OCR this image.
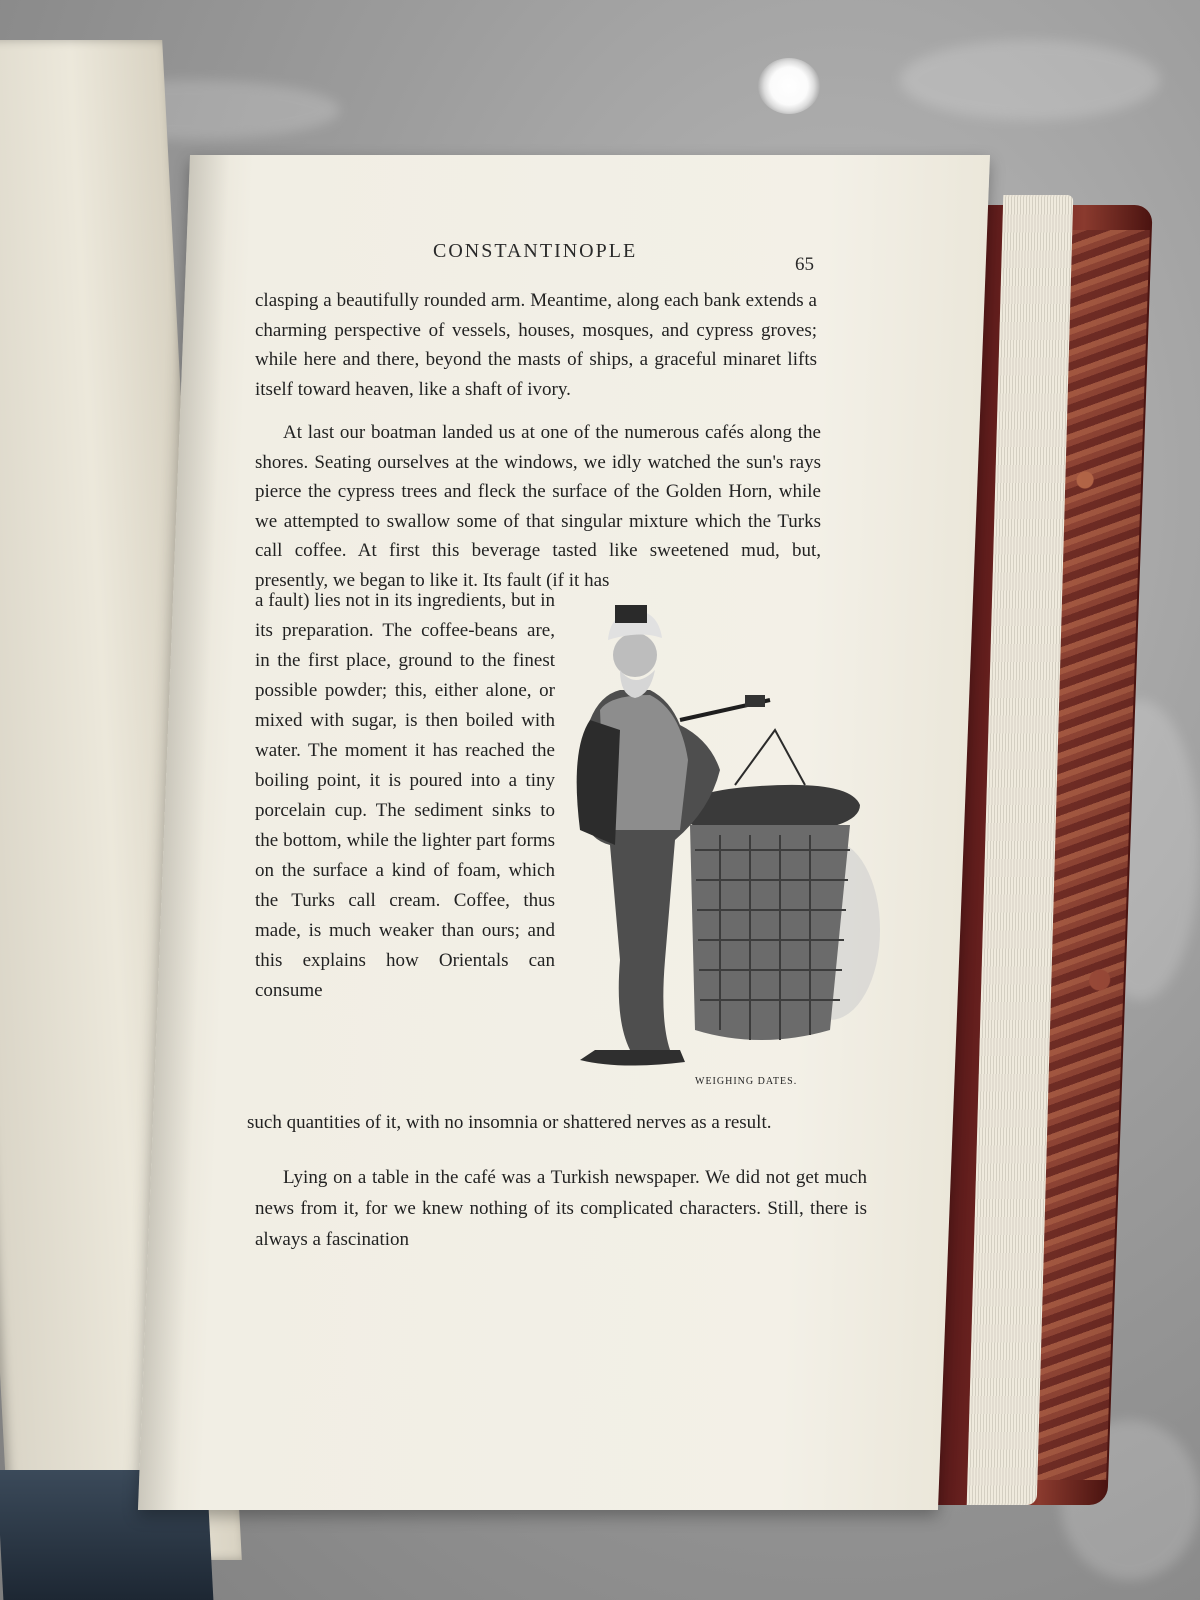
CONSTANTINOPLE
65
clasping a beautifully rounded arm. Meantime, along each bank extends a charming perspective of vessels, houses, mosques, and cypress groves; while here and there, beyond the masts of ships, a graceful minaret lifts itself toward heaven, like a shaft of ivory.
At last our boatman landed us at one of the numerous cafés along the shores. Seating ourselves at the windows, we idly watched the sun's rays pierce the cypress trees and fleck the surface of the Golden Horn, while we attempted to swallow some of that singular mixture which the Turks call coffee. At first this beverage tasted like sweetened mud, but, presently, we began to like it. Its fault (if it has
a fault) lies not in its ingredients, but in its preparation. The coffee-beans are, in the first place, ground to the finest possible powder; this, either alone, or mixed with sugar, is then boiled with water. The moment it has reached the boiling point, it is poured into a tiny porcelain cup. The sediment sinks to the bottom, while the lighter part forms on the surface a kind of foam, which the Turks call cream. Coffee, thus made, is much weaker than ours; and this explains how Orientals can consume
WEIGHING DATES.
such quantities of it, with no insomnia or shattered nerves as a result.
Lying on a table in the café was a Turkish newspaper. We did not get much news from it, for we knew nothing of its complicated characters. Still, there is always a fascination
